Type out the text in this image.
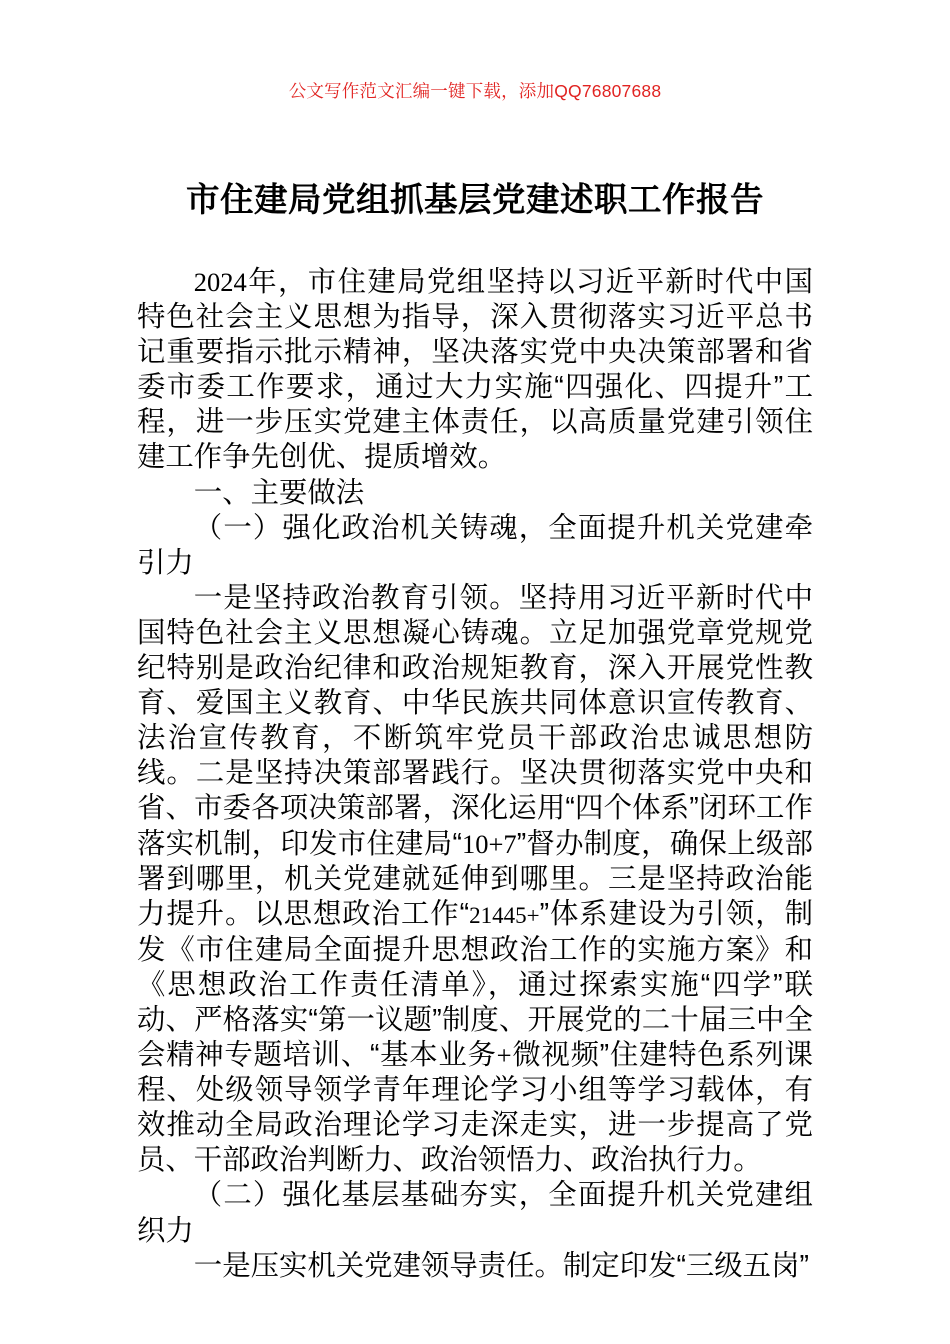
公文写作范文汇编一键下载，添加QQ76807688
市住建局党组抓基层党建述职工作报告

2024年，市住建局党组坚持以习近平新时代中国特色社会主义思想为指导，深入贯彻落实习近平总书记重要指示批示精神，坚决落实党中央决策部署和省委市委工作要求，通过大力实施“四强化、四提升”工程，进一步压实党建主体责任，以高质量党建引领住建工作争先创优、提质增效。

一、主要做法

（一）强化政治机关铸魂，全面提升机关党建牵引力

一是坚持政治教育引领。坚持用习近平新时代中国特色社会主义思想凝心铸魂。立足加强党章党规党纪特别是政治纪律和政治规矩教育，深入开展党性教育、爱国主义教育、中华民族共同体意识宣传教育、法治宣传教育，不断筑牢党员干部政治忠诚思想防线。二是坚持决策部署践行。坚决贯彻落实党中央和省、市委各项决策部署，深化运用“四个体系”闭环工作落实机制，印发市住建局“10+7”督办制度，确保上级部署到哪里，机关党建就延伸到哪里。三是坚持政治能力提升。以思想政治工作“21445+”体系建设为引领，制发《市住建局全面提升思想政治工作的实施方案》和《思想政治工作责任清单》，通过探索实施“四学”联动、严格落实“第一议题”制度、开展党的二十届三中全会精神专题培训、“基本业务+微视频”住建特色系列课程、处级领导领学青年理论学习小组等学习载体，有效推动全局政治理论学习走深走实，进一步提高了党员、干部政治判断力、政治领悟力、政治执行力。

（二）强化基层基础夯实，全面提升机关党建组织力

一是压实机关党建领导责任。制定印发“三级五岗”
